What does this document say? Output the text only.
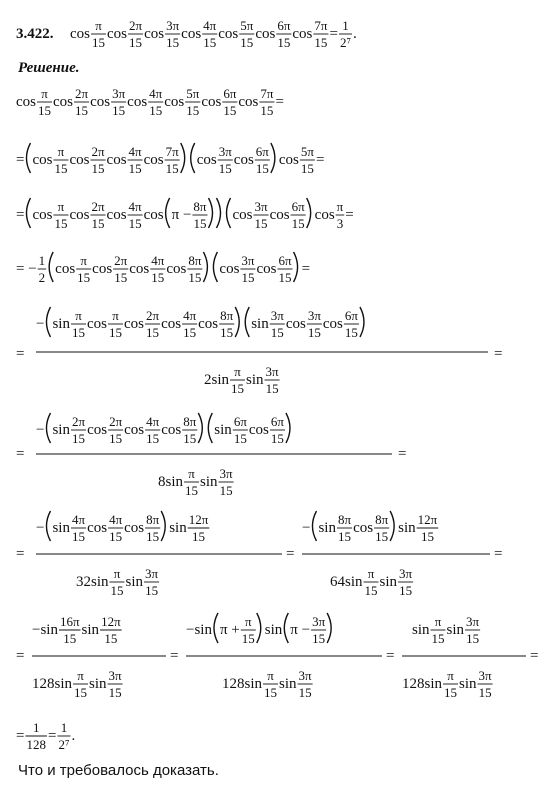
3.422. cos
π
15
cos
2π
15
cos
3π
15
cos
4π
15
cos
5π
15
cos
6π
15
cos
7π
15
=
1
2⁷
.
Решение.
cos
π
15
cos
2π
15
cos
3π
15
cos
4π
15
cos
5π
15
cos
6π
15
cos
7π
15
=
= cos
π
15
cos
2π
15
cos
4π
15
cos
7π
15
cos
3π
15
cos
6π
15
cos
5π
15
=
= cos
π
15
cos
2π
15
cos
4π
15
cos π −
8π
15
cos
3π
15
cos
6π
15
cos
π
3
=
= −
1
2
cos
π
15
cos
2π
15
cos
4π
15
cos
8π
15
cos
3π
15
cos
6π
15
=
=
− sin
π
15
cos
π
15
cos
2π
15
cos
4π
15
cos
8π
15
sin
3π
15
cos
3π
15
cos
6π
15
2sin
π
15
sin
3π
15
=
=
− sin
2π
15
cos
2π
15
cos
4π
15
cos
8π
15
sin
6π
15
cos
6π
15
8sin
π
15
sin
3π
15
=
=
− sin
4π
15
cos
4π
15
cos
8π
15
sin
12π
15
32sin
π
15
sin
3π
15
=
− sin
8π
15
cos
8π
15
sin
12π
15
64sin
π
15
sin
3π
15
=
=
−sin
16π
15
sin
12π
15
128sin
π
15
sin
3π
15
=
−sin π +
π
15
sin π −
3π
15
128sin
π
15
sin
3π
15
=
sin
π
15
sin
3π
15
128sin
π
15
sin
3π
15
=
=
1
128
=
1
2⁷
.
Что и требовалось доказать.
